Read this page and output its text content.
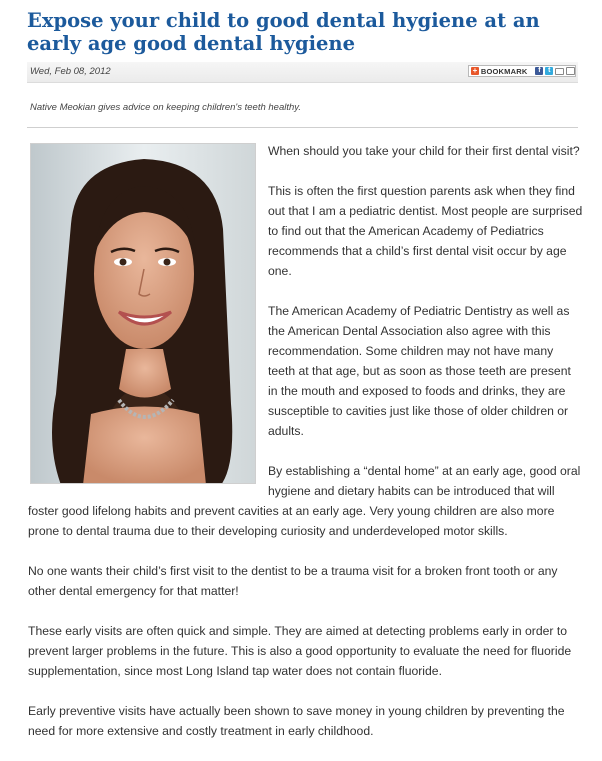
Expose your child to good dental hygiene at an early age good dental hygiene
Wed, Feb 08, 2012	+ BOOKMARK	f	t
Native Meokian gives advice on keeping children's teeth healthy.

When should you take your child for their first dental visit?

This is often the first question parents ask when they find out that I am a pediatric dentist. Most people are surprised to find out that the American Academy of Pediatrics recommends that a child’s first dental visit occur by age one.

The American Academy of Pediatric Dentistry as well as the American Dental Association also agree with this recommendation. Some children may not have many teeth at that age, but as soon as those teeth are present in the mouth and exposed to foods and drinks, they are susceptible to cavities just like those of older children or adults.

By establishing a “dental home” at an early age, good oral hygiene and dietary habits can be introduced that will foster good lifelong habits and prevent cavities at an early age. Very young children are also more prone to dental trauma due to their developing curiosity and underdeveloped motor skills.

No one wants their child’s first visit to the dentist to be a trauma visit for a broken front tooth or any other dental emergency for that matter!

These early visits are often quick and simple. They are aimed at detecting problems early in order to prevent larger problems in the future. This is also a good opportunity to evaluate the need for fluoride supplementation, since most Long Island tap water does not contain fluoride.

Early preventive visits have actually been shown to save money in young children by preventing the need for more extensive and costly treatment in early childhood.
